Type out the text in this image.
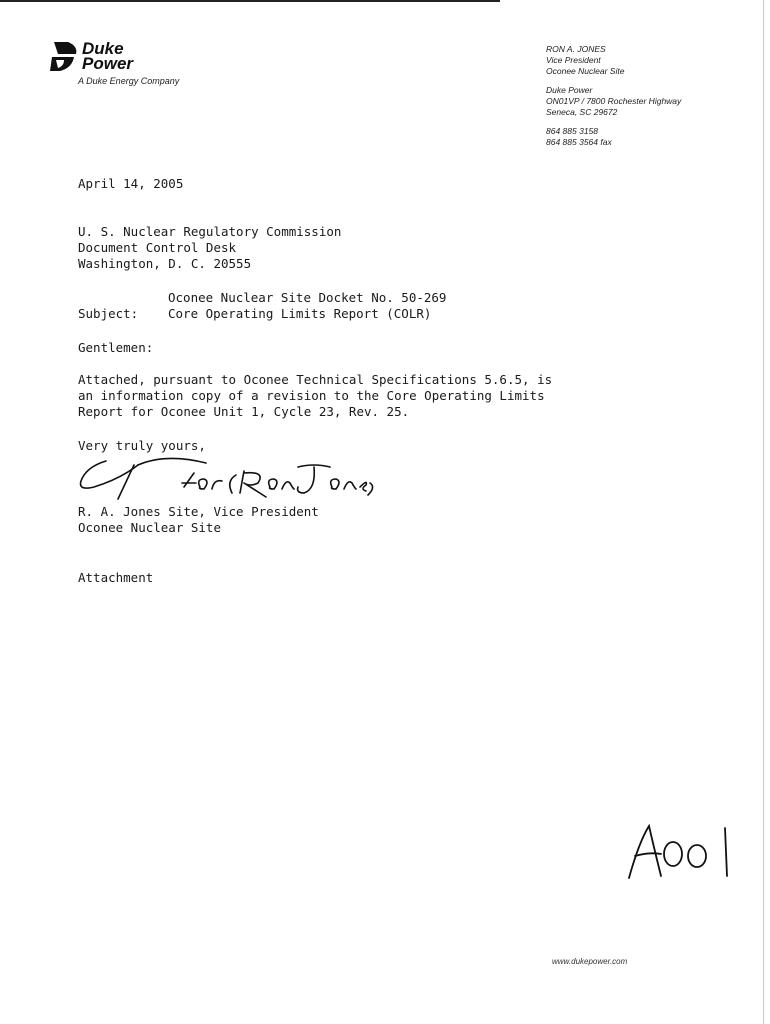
Duke
Power
A Duke Energy Company
RON A. JONES
Vice President
Oconee Nuclear Site
Duke Power
ON01VP / 7800 Rochester Highway
Seneca, SC 29672
864 885 3158
864 885 3564 fax

April 14, 2005

U. S. Nuclear Regulatory Commission

Document Control Desk

Washington, D. C. 20555

Subject:

Oconee Nuclear Site Docket No. 50-269

Core Operating Limits Report (COLR)

Gentlemen:

Attached, pursuant to Oconee Technical Specifications 5.6.5, is

an information copy of a revision to the Core Operating Limits

Report for Oconee Unit 1, Cycle 23, Rev. 25.

Very truly yours,

R. A. Jones Site, Vice President

Oconee Nuclear Site

Attachment

www.dukepower.com
